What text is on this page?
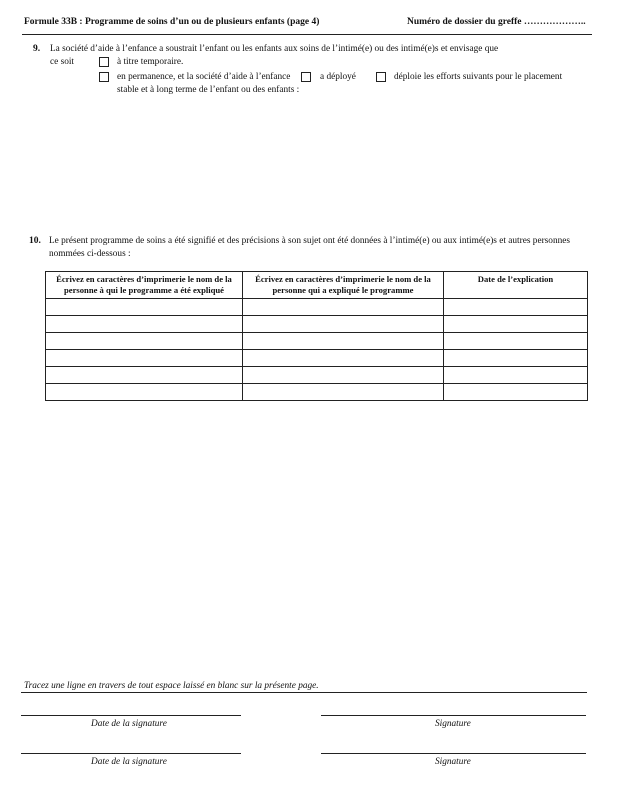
Formule 33B : Programme de soins d’un ou de plusieurs enfants (page 4)	Numéro de dossier du greffe ………………..
9. La société d’aide à l’enfance a soustrait l’enfant ou les enfants aux soins de l’intimé(e) ou des intimé(e)s et envisage que
ce soit	à titre temporaire.
en permanence, et la société d’aide à l’enfance	a déployé	déploie les efforts suivants pour le placement
stable et à long terme de l’enfant ou des enfants :
10. Le présent programme de soins a été signifié et des précisions à son sujet ont été données à l’intimé(e) ou aux intimé(e)s et autres personnes
nommées ci-dessous :
Écrivez en caractères d’imprimerie le nom de la personne à qui le programme a été expliqué	Écrivez en caractères d’imprimerie le nom de la personne qui a expliqué le programme	Date de l’explication

Tracez une ligne en travers de tout espace laissé en blanc sur la présente page.
Date de la signature	Signature
Date de la signature	Signature
